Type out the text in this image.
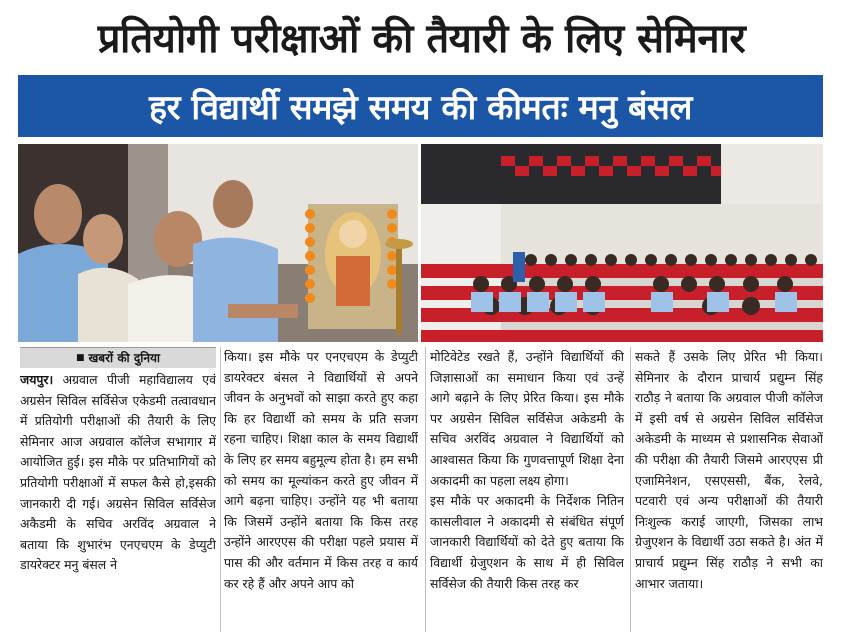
प्रतियोगी परीक्षाओं की तैयारी के लिए सेमिनार
हर विद्यार्थी समझे समय की कीमतः मनु बंसल
■ खबरों की दुनिया

जयपुर। अग्रवाल पीजी महाविद्यालय एवं अग्रसेन सिविल सर्विसेज एकेडमी तत्वावधान में प्रतियोगी परीक्षाओं की तैयारी के लिए सेमिनार आज अग्रवाल कॉलेज सभागार में आयोजित हुई। इस मौके पर प्रतिभागियों को प्रतियोगी परीक्षाओं में सफल कैसे हो,इसकी जानकारी दी गई। अग्रसेन सिविल सर्विसेज अकैडमी के सचिव अरविंद अग्रवाल ने बताया कि शुभारंभ एनएचएम के डेप्युटी डायरेक्टर मनु बंसल ने

किया। इस मौके पर एनएचएम के डेप्युटी डायरेक्टर बंसल ने विद्यार्थियों से अपने जीवन के अनुभवों को साझा करते हुए कहा कि हर विद्यार्थी को समय के प्रति सजग रहना चाहिए। शिक्षा काल के समय विद्यार्थी के लिए हर समय बहुमूल्य होता है। हम सभी को समय का मूल्यांकन करते हुए जीवन में आगे बढ़ना चाहिए। उन्होंने यह भी बताया कि जिसमें उन्होंने बताया कि किस तरह उन्होंने आरएएस की परीक्षा पहले प्रयास में पास की और वर्तमान में किस तरह व कार्य कर रहे हैं और अपने आप को

मोटिवेटेड रखते हैं, उन्होंने विद्यार्थियों की जिज्ञासाओं का समाधान किया एवं उन्हें आगे बढ़ाने के लिए प्रेरित किया। इस मौके पर अग्रसेन सिविल सर्विसेज अकेडमी के सचिव अरविंद अग्रवाल ने विद्यार्थियों को आश्वासत किया कि गुणवत्तापूर्ण शिक्षा देना अकादमी का पहला लक्ष्य होगा।

इस मौके पर अकादमी के निर्देशक नितिन कासलीवाल ने अकादमी से संबंधित संपूर्ण जानकारी विद्यार्थियों को देते हुए बताया कि विद्यार्थी ग्रेजुएशन के साथ में ही सिविल सर्विसेज की तैयारी किस तरह कर

सकते हैं उसके लिए प्रेरित भी किया। सेमिनार के दौरान प्राचार्य प्रद्युम्न सिंह राठौड़ ने बताया कि अग्रवाल पीजी कॉलेज में इसी वर्ष से अग्रसेन सिविल सर्विसेज अकेडमी के माध्यम से प्रशासनिक सेवाओं की परीक्षा की तैयारी जिसमे आरएएस प्री एजामिनेशन, एसएससी, बैंक, रेलवे, पटवारी एवं अन्य परीक्षाओं की तैयारी निःशुल्क कराई जाएगी, जिसका लाभ ग्रेजुएशन के विद्यार्थी उठा सकते है। अंत में प्राचार्य प्रद्युम्न सिंह राठौड़ ने सभी का आभार जताया।
